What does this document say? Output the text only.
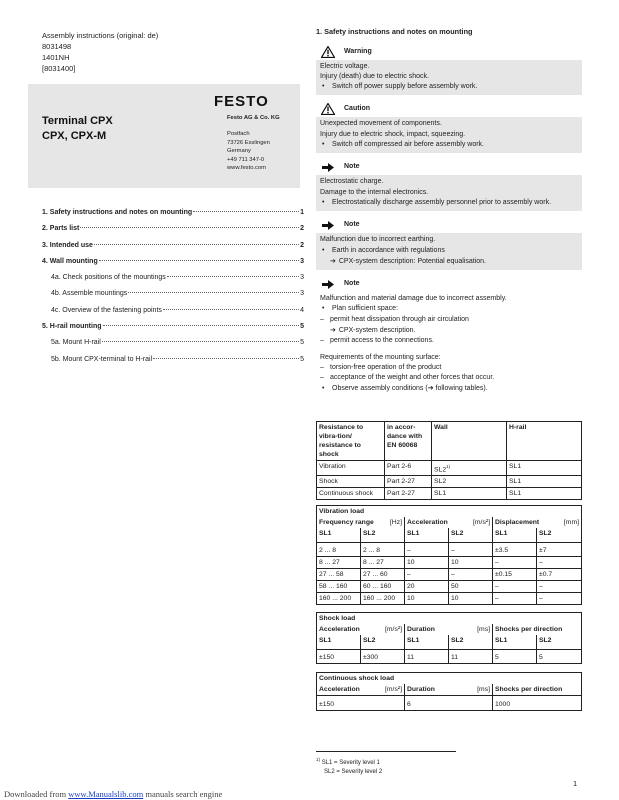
Assembly instructions (original: de)
8031498
1401NH
[8031400]
FESTO
Terminal CPX
CPX, CPX-M
Festo AG & Co. KG
Postfach
73726 Esslingen
Germany
+49 711 347-0
www.festo.com
1. Safety instructions and notes on mounting	1
2. Parts list	2
3. Intended use	2
4. Wall mounting	3
4a. Check positions of the mountings	3
4b. Assemble mountings	3
4c. Overview of the fastening points	4
5. H-rail mounting	5
5a. Mount H-rail	5
5b. Mount CPX-terminal to H-rail	5
1. Safety instructions and notes on mounting
Warning
Electric voltage.
Injury (death) due to electric shock.
• Switch off power supply before assembly work.
Caution
Unexpected movement of components.
Injury due to electric shock, impact, squeezing.
• Switch off compressed air before assembly work.
Note
Electrostatic charge.
Damage to the internal electronics.
• Electrostatically discharge assembly personnel prior to assembly work.
Note
Malfunction due to incorrect earthing.
• Earth in accordance with regulations
➔ CPX-system description: Potential equalisation.
Note
Malfunction and material damage due to incorrect assembly.
• Plan sufficient space:
– permit heat dissipation through air circulation
➔ CPX-system description.
– permit access to the connections.
Requirements of the mounting surface:
– torsion-free operation of the product
– acceptance of the weight and other forces that occur.
• Observe assembly conditions (➔ following tables).
Resistance to vibra-tion/ resistance to shock	in accor-dance with EN 60068	Wall	H-rail
Vibration	Part 2-6	SL2$^{1)}$	SL1
Shock	Part 2-27	SL2	SL1
Continuous shock	Part 2-27	SL1	SL1
Vibration load					
Frequency range [Hz]		Acceleration [m/s²]		Displacement [mm]	

SL1	SL2	SL1	SL2	SL1	SL2

2 ... 8	2 ... 8	–	–	±3.5	±7
8 ... 27	8 ... 27	10	10	–	–
27 ... 58	27 ... 60	–	–	±0.15	±0.7
58 ... 160	60 ... 160	20	50	–	–
160 ... 200	160 ... 200	10	10	–	–
Shock load					
Acceleration [m/s²]		Duration [ms]		Shocks per direction	
SL1	SL2	SL1	SL2	SL1	SL2

±150	±300	11	11	5	5
Continuous shock load		
Acceleration [m/s²]	Duration [ms]	Shocks per direction

±150	6	1000
$^{1)}$ SL1 = Severity level 1
SL2 = Severity level 2
1
Downloaded from www.Manualslib.com manuals search engine
